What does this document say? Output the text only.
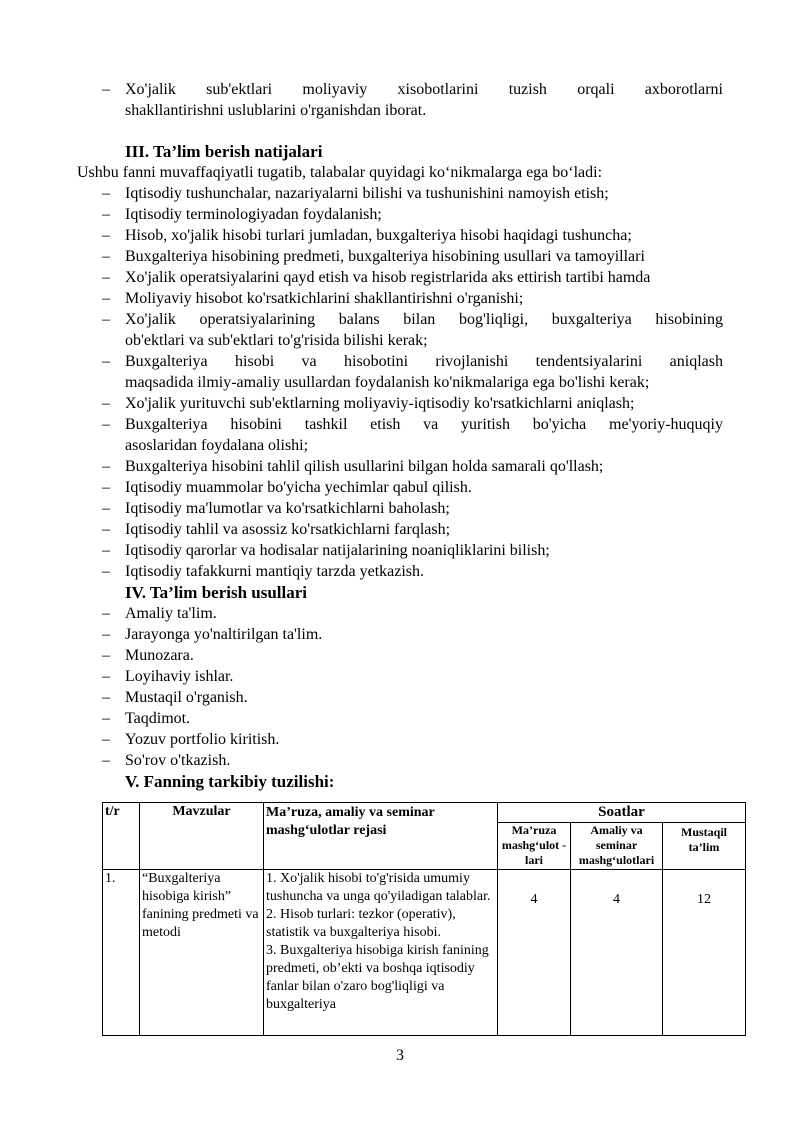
– Xo'jalik sub'ektlari moliyaviy xisobotlarini tuzish orqali axborotlarni
shakllantirishni uslublarini o'rganishdan iborat.
III. Ta’lim berish natijalari
Ushbu fanni muvaffaqiyatli tugatib, talabalar quyidagi ko‘nikmalarga ega bo‘ladi:
– Iqtisodiy tushunchalar, nazariyalarni bilishi va tushunishini namoyish etish;
– Iqtisodiy terminologiyadan foydalanish;
– Hisob, xo'jalik hisobi turlari jumladan, buxgalteriya hisobi haqidagi tushuncha;
– Buxgalteriya hisobining predmeti, buxgalteriya hisobining usullari va tamoyillari
– Xo'jalik operatsiyalarini qayd etish va hisob registrlarida aks ettirish tartibi hamda
– Moliyaviy hisobot ko'rsatkichlarini shakllantirishni o'rganishi;
– Xo'jalik operatsiyalarining balans bilan bog'liqligi, buxgalteriya hisobining
ob'ektlari va sub'ektlari to'g'risida bilishi kerak;
– Buxgalteriya hisobi va hisobotini rivojlanishi tendentsiyalarini aniqlash
maqsadida ilmiy-amaliy usullardan foydalanish ko'nikmalariga ega bo'lishi kerak;
– Xo'jalik yurituvchi sub'ektlarning moliyaviy-iqtisodiy ko'rsatkichlarni aniqlash;
– Buxgalteriya hisobini tashkil etish va yuritish bo'yicha me'yoriy-huquqiy
asoslaridan foydalana olishi;
– Buxgalteriya hisobini tahlil qilish usullarini bilgan holda samarali qo'llash;
– Iqtisodiy muammolar bo'yicha yechimlar qabul qilish.
– Iqtisodiy ma'lumotlar va ko'rsatkichlarni baholash;
– Iqtisodiy tahlil va asossiz ko'rsatkichlarni farqlash;
– Iqtisodiy qarorlar va hodisalar natijalarining noaniqliklarini bilish;
– Iqtisodiy tafakkurni mantiqiy tarzda yetkazish.
IV. Ta’lim berish usullari
– Amaliy ta'lim.
– Jarayonga yo'naltirilgan ta'lim.
– Munozara.
– Loyihaviy ishlar.
– Mustaqil o'rganish.
– Taqdimot.
– Yozuv portfolio kiritish.
– So'rov o'tkazish.
V. Fanning tarkibiy tuzilishi:
t/r	Mavzular	Ma’ruza, amaliy va seminar mashg‘ulotlar rejasi	Soatlar		
			Ma’ruza mashg‘ulot -lari	Amaliy va seminar mashg‘ulotlari	Mustaqil ta’lim
1.	“Buxgalteriya hisobiga kirish” fanining predmeti va metodi	1. Xo'jalik hisobi to'g'risida umumiy tushuncha va unga qo'yiladigan talablar.
2. Hisob turlari: tezkor (operativ), statistik va buxgalteriya hisobi.
3. Buxgalteriya hisobiga kirish fanining predmeti, ob’ekti va boshqa iqtisodiy fanlar bilan o'zaro bog'liqligi va buxgalteriya	4	4	12
3
